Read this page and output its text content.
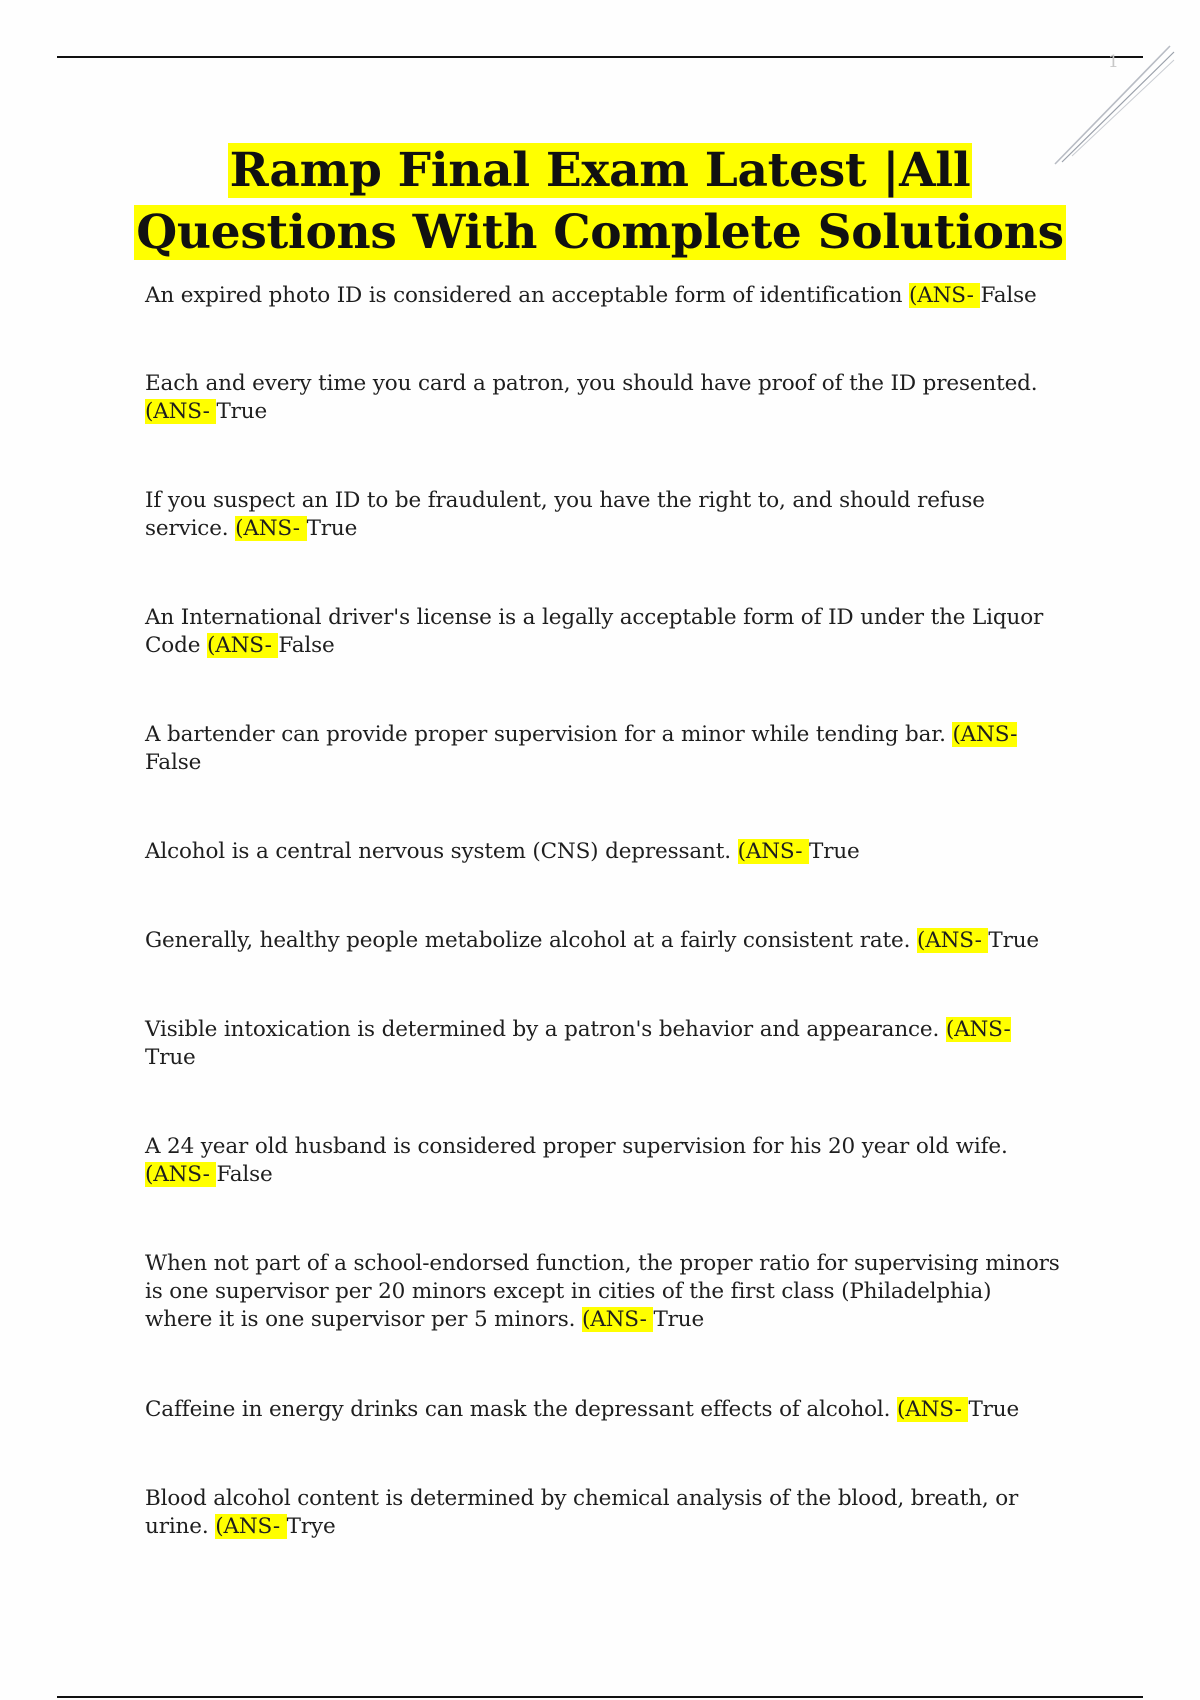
1
Ramp Final Exam Latest |All
Questions With Complete Solutions
An expired photo ID is considered an acceptable form of identification (ANS- False
Each and every time you card a patron, you should have proof of the ID presented. (ANS- True
If you suspect an ID to be fraudulent, you have the right to, and should refuse service. (ANS- True
An International driver's license is a legally acceptable form of ID under the Liquor Code (ANS- False
A bartender can provide proper supervision for a minor while tending bar. (ANS- False
Alcohol is a central nervous system (CNS) depressant. (ANS- True
Generally, healthy people metabolize alcohol at a fairly consistent rate. (ANS- True
Visible intoxication is determined by a patron's behavior and appearance. (ANS- True
A 24 year old husband is considered proper supervision for his 20 year old wife. (ANS- False
When not part of a school-endorsed function, the proper ratio for supervising minors is one supervisor per 20 minors except in cities of the first class (Philadelphia) where it is one supervisor per 5 minors. (ANS- True
Caffeine in energy drinks can mask the depressant effects of alcohol. (ANS- True
Blood alcohol content is determined by chemical analysis of the blood, breath, or urine. (ANS- Trye
